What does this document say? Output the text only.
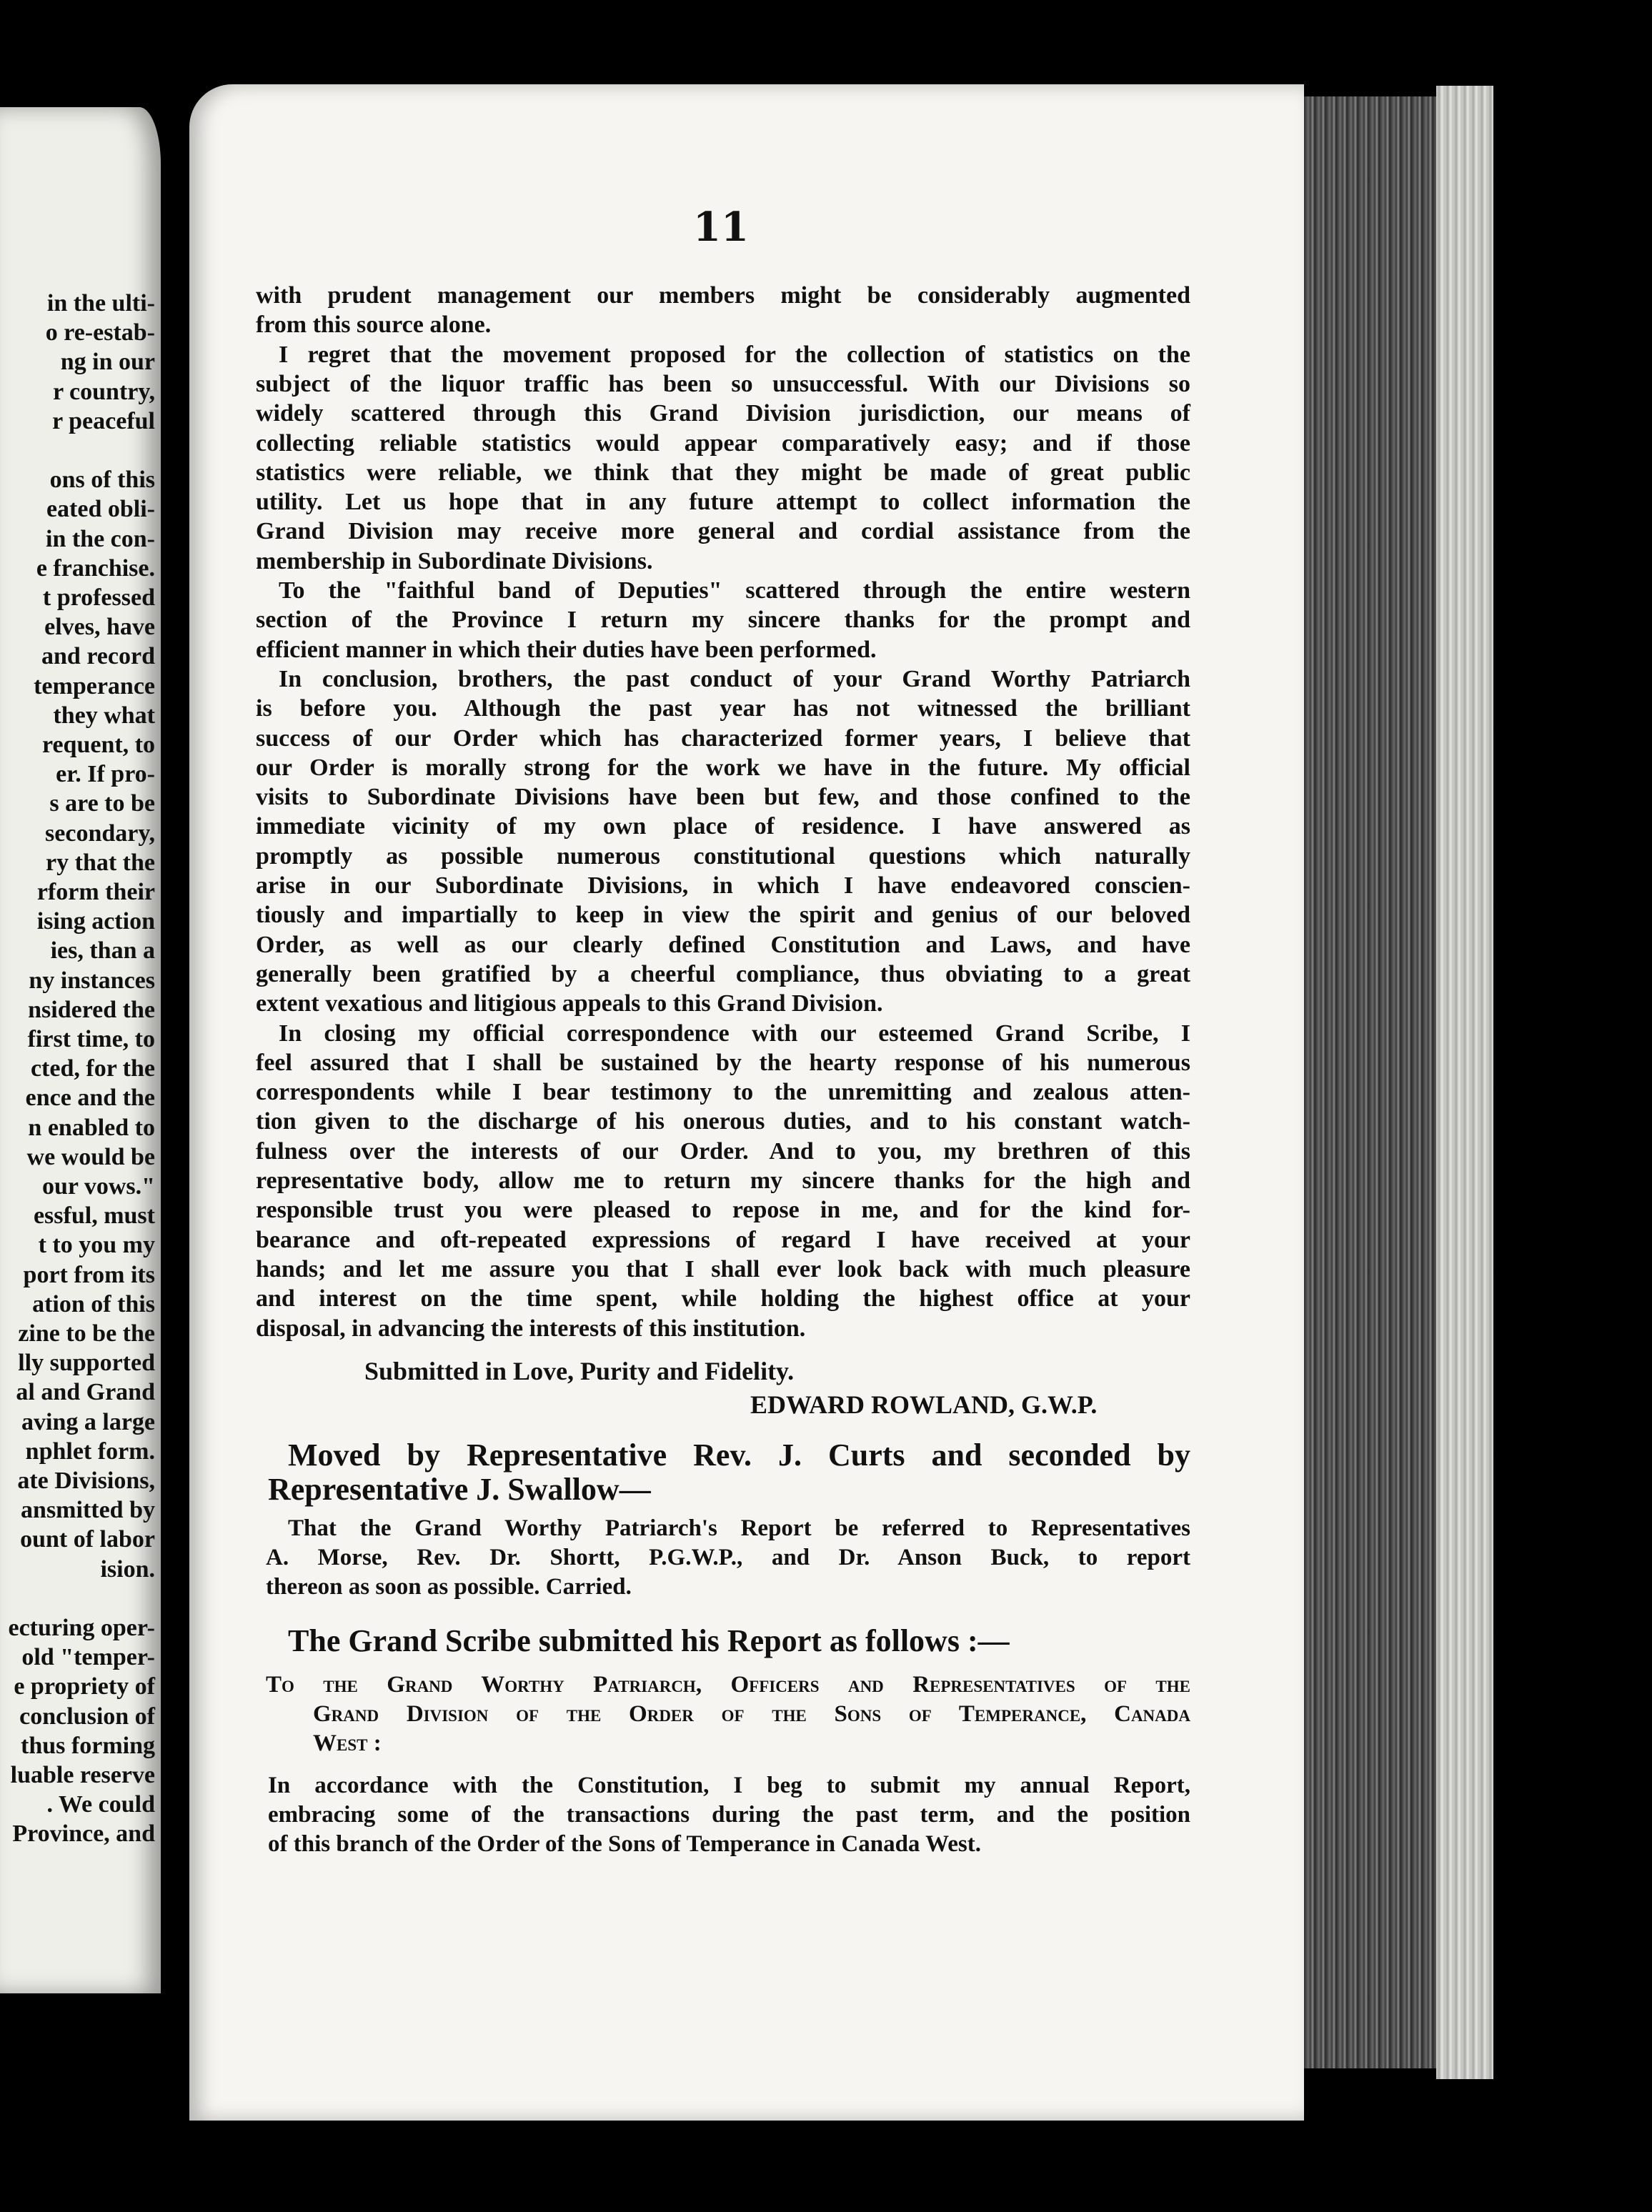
in the ulti-
o re-estab-
ng in our
r country,
r peaceful
ons of this
eated obli-
in the con-
e franchise.
t professed
elves, have
and record
temperance
they what
requent, to
er. If pro-
s are to be
secondary,
ry that the
rform their
ising action
ies, than a
ny instances
nsidered the
first time, to
cted, for the
ence and the
n enabled to
we would be
our vows."
essful, must
t to you my
port from its
ation of this
zine to be the
lly supported
al and Grand
aving a large
nphlet form.
ate Divisions,
ansmitted by
ount of labor
ision.
ecturing oper-
old "temper-
e propriety of
conclusion of
thus forming
luable reserve
. We could
Province, and
11
with prudent management our members might be considerably augmented
from this source alone.
I regret that the movement proposed for the collection of statistics on the
subject of the liquor traffic has been so unsuccessful. With our Divisions so
widely scattered through this Grand Division jurisdiction, our means of
collecting reliable statistics would appear comparatively easy; and if those
statistics were reliable, we think that they might be made of great public
utility. Let us hope that in any future attempt to collect information the
Grand Division may receive more general and cordial assistance from the
membership in Subordinate Divisions.
To the "faithful band of Deputies" scattered through the entire western
section of the Province I return my sincere thanks for the prompt and
efficient manner in which their duties have been performed.
In conclusion, brothers, the past conduct of your Grand Worthy Patriarch
is before you. Although the past year has not witnessed the brilliant
success of our Order which has characterized former years, I believe that
our Order is morally strong for the work we have in the future. My official
visits to Subordinate Divisions have been but few, and those confined to the
immediate vicinity of my own place of residence. I have answered as
promptly as possible numerous constitutional questions which naturally
arise in our Subordinate Divisions, in which I have endeavored conscien-
tiously and impartially to keep in view the spirit and genius of our beloved
Order, as well as our clearly defined Constitution and Laws, and have
generally been gratified by a cheerful compliance, thus obviating to a great
extent vexatious and litigious appeals to this Grand Division.
In closing my official correspondence with our esteemed Grand Scribe, I
feel assured that I shall be sustained by the hearty response of his numerous
correspondents while I bear testimony to the unremitting and zealous atten-
tion given to the discharge of his onerous duties, and to his constant watch-
fulness over the interests of our Order. And to you, my brethren of this
representative body, allow me to return my sincere thanks for the high and
responsible trust you were pleased to repose in me, and for the kind for-
bearance and oft-repeated expressions of regard I have received at your
hands; and let me assure you that I shall ever look back with much pleasure
and interest on the time spent, while holding the highest office at your
disposal, in advancing the interests of this institution.
Submitted in Love, Purity and Fidelity.
EDWARD ROWLAND, G.W.P.
Moved by Representative Rev. J. Curts and seconded by
Representative J. Swallow—
That the Grand Worthy Patriarch's Report be referred to Representatives
A. Morse, Rev. Dr. Shortt, P.G.W.P., and Dr. Anson Buck, to report
thereon as soon as possible. Carried.
The Grand Scribe submitted his Report as follows :—
To the Grand Worthy Patriarch, Officers and Representatives of the
Grand Division of the Order of the Sons of Temperance, Canada
West :
In accordance with the Constitution, I beg to submit my annual Report,
embracing some of the transactions during the past term, and the position
of this branch of the Order of the Sons of Temperance in Canada West.
